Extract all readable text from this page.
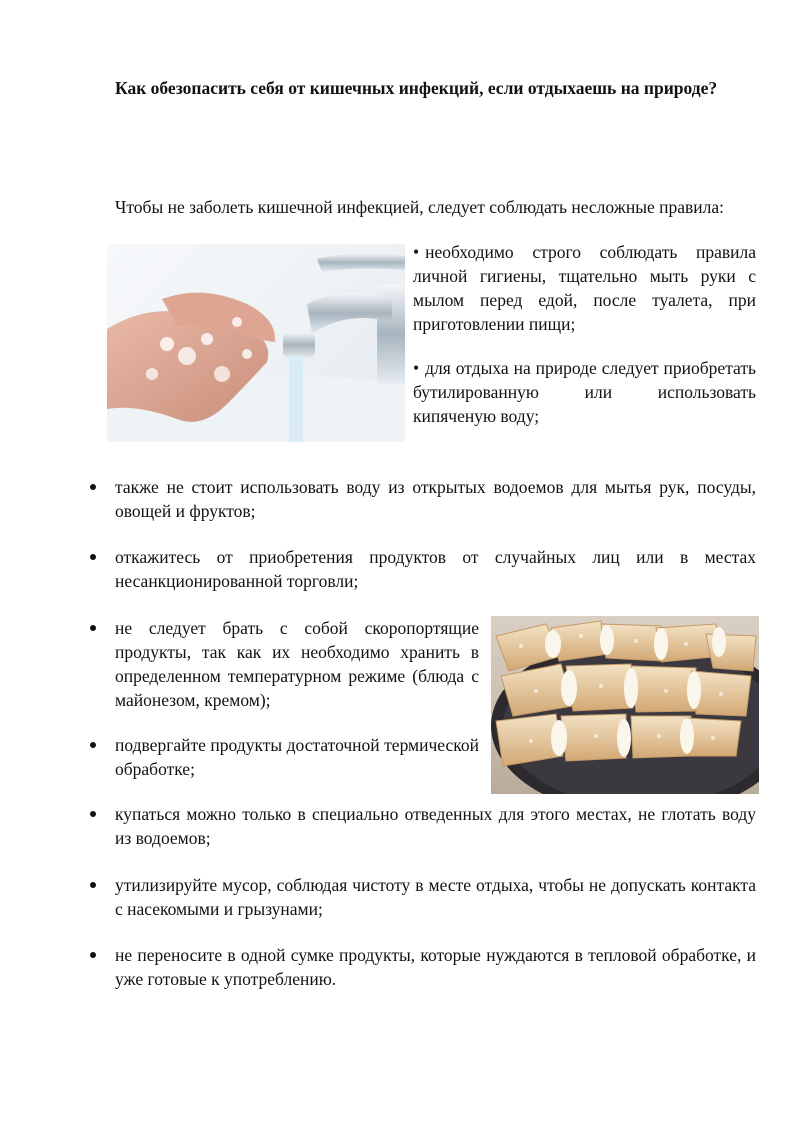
Как обезопасить себя от кишечных инфекций, если отдыхаешь на природе?
Чтобы не заболеть кишечной инфекцией, следует соблюдать несложные правила:
• необходимо строго соблюдать правила личной гигиены, тщательно мыть руки с мылом перед едой, после туалета, при приготовлении пищи;
• для отдыха на природе следует приобретать бутилированную или использовать кипяченую воду;
также не стоит использовать воду из открытых водоемов для мытья рук, посуды, овощей и фруктов;
откажитесь от приобретения продуктов от случайных лиц или в местах несанкционированной торговли;
не следует брать с собой скоропортящие продукты, так как их необходимо хранить в определенном температурном режиме (блюда с майонезом, кремом);
подвергайте продукты достаточной термической обработке;
купаться можно только в специально отведенных для этого местах, не глотать воду из водоемов;
утилизируйте мусор, соблюдая чистоту в месте отдыха, чтобы не допускать контакта с насекомыми и грызунами;
не переносите в одной сумке продукты, которые нуждаются в тепловой обработке, и уже готовые к употреблению.
